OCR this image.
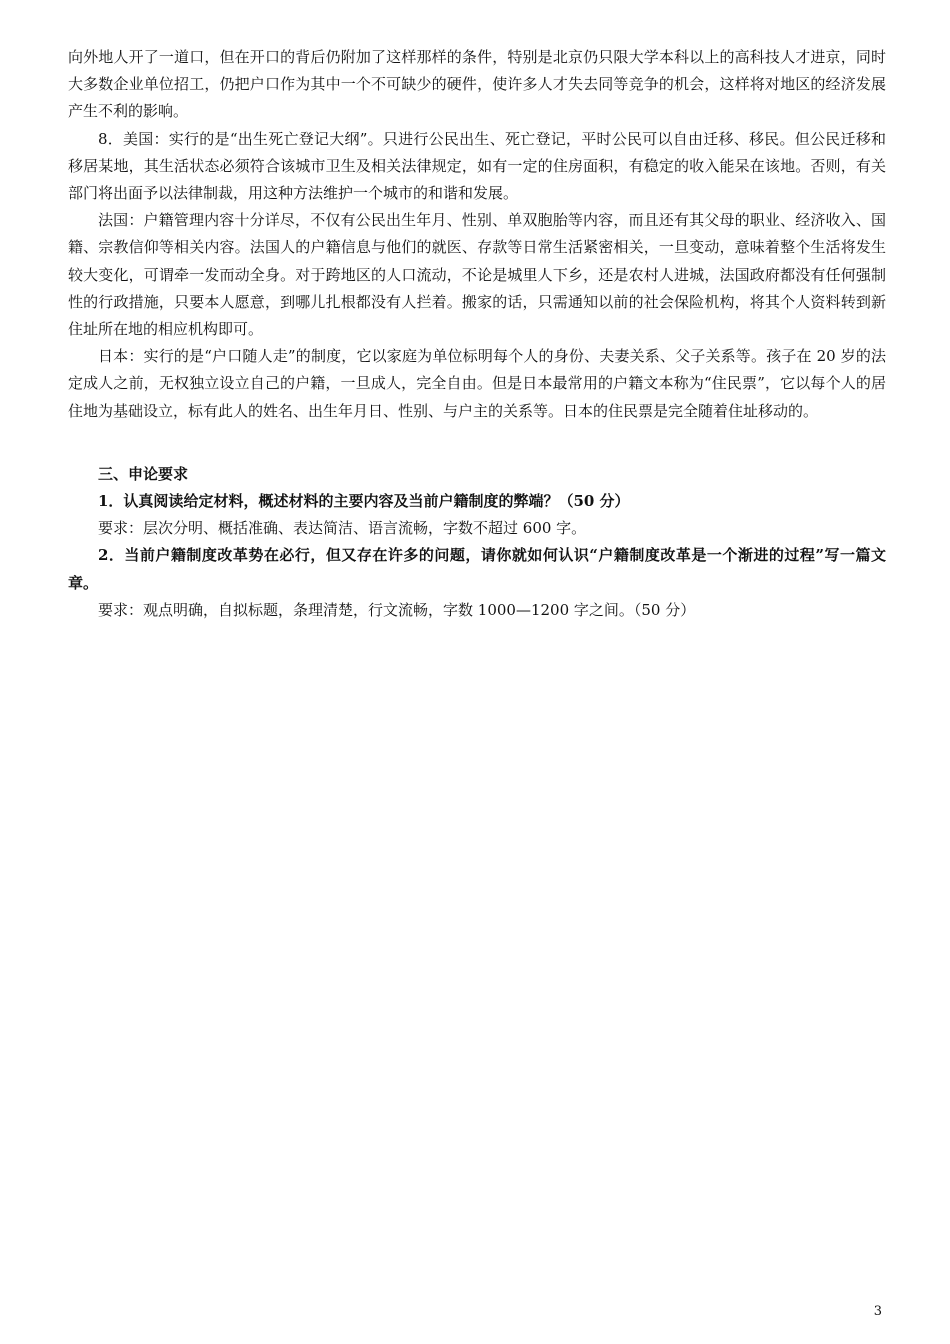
向外地人开了一道口，但在开口的背后仍附加了这样那样的条件，特别是北京仍只限大学本科以上的高科技人才进京，同时大多数企业单位招工，仍把户口作为其中一个不可缺少的硬件，使许多人才失去同等竞争的机会，这样将对地区的经济发展产生不利的影响。

8．美国：实行的是“出生死亡登记大纲”。只进行公民出生、死亡登记，平时公民可以自由迁移、移民。但公民迁移和移居某地，其生活状态必须符合该城市卫生及相关法律规定，如有一定的住房面积，有稳定的收入能呆在该地。否则，有关部门将出面予以法律制裁，用这种方法维护一个城市的和谐和发展。

法国：户籍管理内容十分详尽，不仅有公民出生年月、性别、单双胞胎等内容，而且还有其父母的职业、经济收入、国籍、宗教信仰等相关内容。法国人的户籍信息与他们的就医、存款等日常生活紧密相关，一旦变动，意味着整个生活将发生较大变化，可谓牵一发而动全身。对于跨地区的人口流动，不论是城里人下乡，还是农村人进城，法国政府都没有任何强制性的行政措施，只要本人愿意，到哪儿扎根都没有人拦着。搬家的话，只需通知以前的社会保险机构，将其个人资料转到新住址所在地的相应机构即可。

日本：实行的是“户口随人走”的制度，它以家庭为单位标明每个人的身份、夫妻关系、父子关系等。孩子在 20 岁的法定成人之前，无权独立设立自己的户籍，一旦成人，完全自由。但是日本最常用的户籍文本称为“住民票”，它以每个人的居住地为基础设立，标有此人的姓名、出生年月日、性别、与户主的关系等。日本的住民票是完全随着住址移动的。

三、申论要求

1．认真阅读给定材料，概述材料的主要内容及当前户籍制度的弊端？（50 分）

要求：层次分明、概括准确、表达简洁、语言流畅，字数不超过 600 字。

2．当前户籍制度改革势在必行，但又存在许多的问题，请你就如何认识“户籍制度改革是一个渐进的过程”写一篇文章。

要求：观点明确，自拟标题，条理清楚，行文流畅，字数 1000—1200 字之间。（50 分）

3
